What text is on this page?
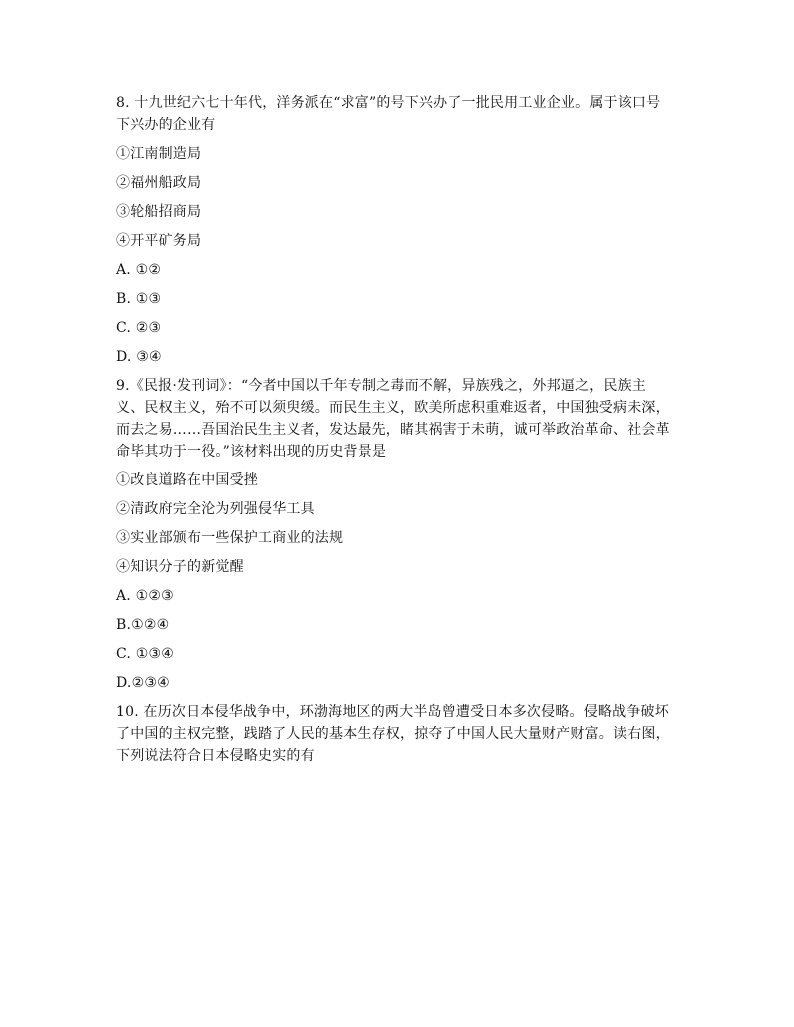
8. 十九世纪六七十年代，洋务派在“求富”的号下兴办了一批民用工业企业。属于该口号
下兴办的企业有
①江南制造局
②福州船政局
③轮船招商局
④开平矿务局
A. ①②
B. ①③
C. ②③
D. ③④
9.《民报·发刊词》：“今者中国以千年专制之毒而不解，异族残之，外邦逼之，民族主
义、民权主义，殆不可以须臾缓。而民生主义，欧美所虑积重难返者，中国独受病未深，
而去之易……吾国治民生主义者，发达最先，睹其祸害于未萌，诚可举政治革命、社会革
命毕其功于一役。”该材料出现的历史背景是
①改良道路在中国受挫
②清政府完全沦为列强侵华工具
③实业部颁布一些保护工商业的法规
④知识分子的新觉醒
A. ①②③
B.①②④
C. ①③④
D.②③④
10. 在历次日本侵华战争中，环渤海地区的两大半岛曾遭受日本多次侵略。侵略战争破坏
了中国的主权完整，践踏了人民的基本生存权，掠夺了中国人民大量财产财富。读右图，
下列说法符合日本侵略史实的有
